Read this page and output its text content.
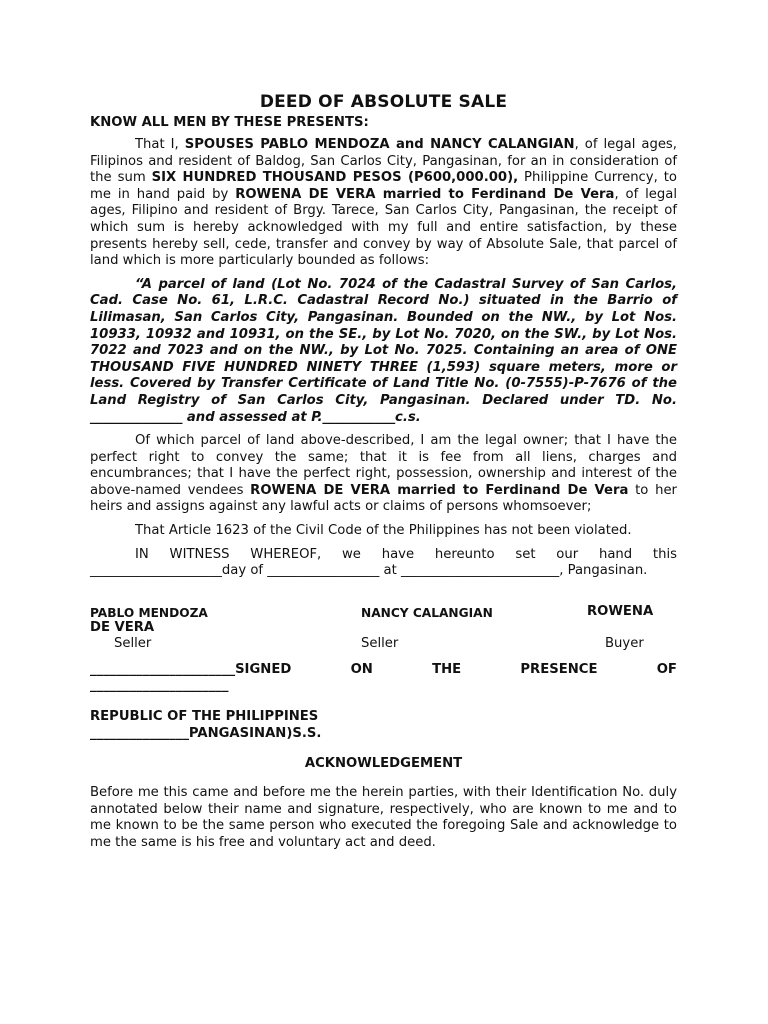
DEED OF ABSOLUTE SALE
KNOW ALL MEN BY THESE PRESENTS:

That I, SPOUSES PABLO MENDOZA and NANCY CALANGIAN, of legal ages, Filipinos and resident of Baldog, San Carlos City, Pangasinan, for an in consideration of the sum SIX HUNDRED THOUSAND PESOS (P600,000.00), Philippine Currency, to me in hand paid by ROWENA DE VERA married to Ferdinand De Vera, of legal ages, Filipino and resident of Brgy. Tarece, San Carlos City, Pangasinan, the receipt of which sum is hereby acknowledged with my full and entire satisfaction, by these presents hereby sell, cede, transfer and convey by way of Absolute Sale, that parcel of land which is more particularly bounded as follows:

“A parcel of land (Lot No. 7024 of the Cadastral Survey of San Carlos, Cad. Case No. 61, L.R.C. Cadastral Record No.) situated in the Barrio of Lilimasan, San Carlos City, Pangasinan. Bounded on the NW., by Lot Nos. 10933, 10932 and 10931, on the SE., by Lot No. 7020, on the SW., by Lot Nos. 7022 and 7023 and on the NW., by Lot No. 7025. Containing an area of ONE THOUSAND FIVE HUNDRED NINETY THREE (1,593) square meters, more or less. Covered by Transfer Certificate of Land Title No. (0-7555)-P-7676 of the Land Registry of San Carlos City, Pangasinan. Declared under TD. No. ______________ and assessed at P.___________c.s.

Of which parcel of land above-described, I am the legal owner; that I have the perfect right to convey the same; that it is fee from all liens, charges and encumbrances; that I have the perfect right, possession, ownership and interest of the above-named vendees ROWENA DE VERA married to Ferdinand De Vera to her heirs and assigns against any lawful acts or claims of persons whomsoever;

That Article 1623 of the Civil Code of the Philippines has not been violated.

IN WITNESS WHEREOF, we have hereunto set our hand this ____________________day of _________________ at ________________________, Pangasinan.

PABLO MENDOZA	NANCY CALANGIAN	ROWENA
DE VERA
Seller	Seller	Buyer
______________________SIGNED	ON	THE	PRESENCE	OF
_____________________
REPUBLIC OF THE PHILIPPINES
_______________PANGASINAN)S.S.
ACKNOWLEDGEMENT

Before me this came and before me the herein parties, with their Identification No. duly annotated below their name and signature, respectively, who are known to me and to me known to be the same person who executed the foregoing Sale and acknowledge to me the same is his free and voluntary act and deed.
